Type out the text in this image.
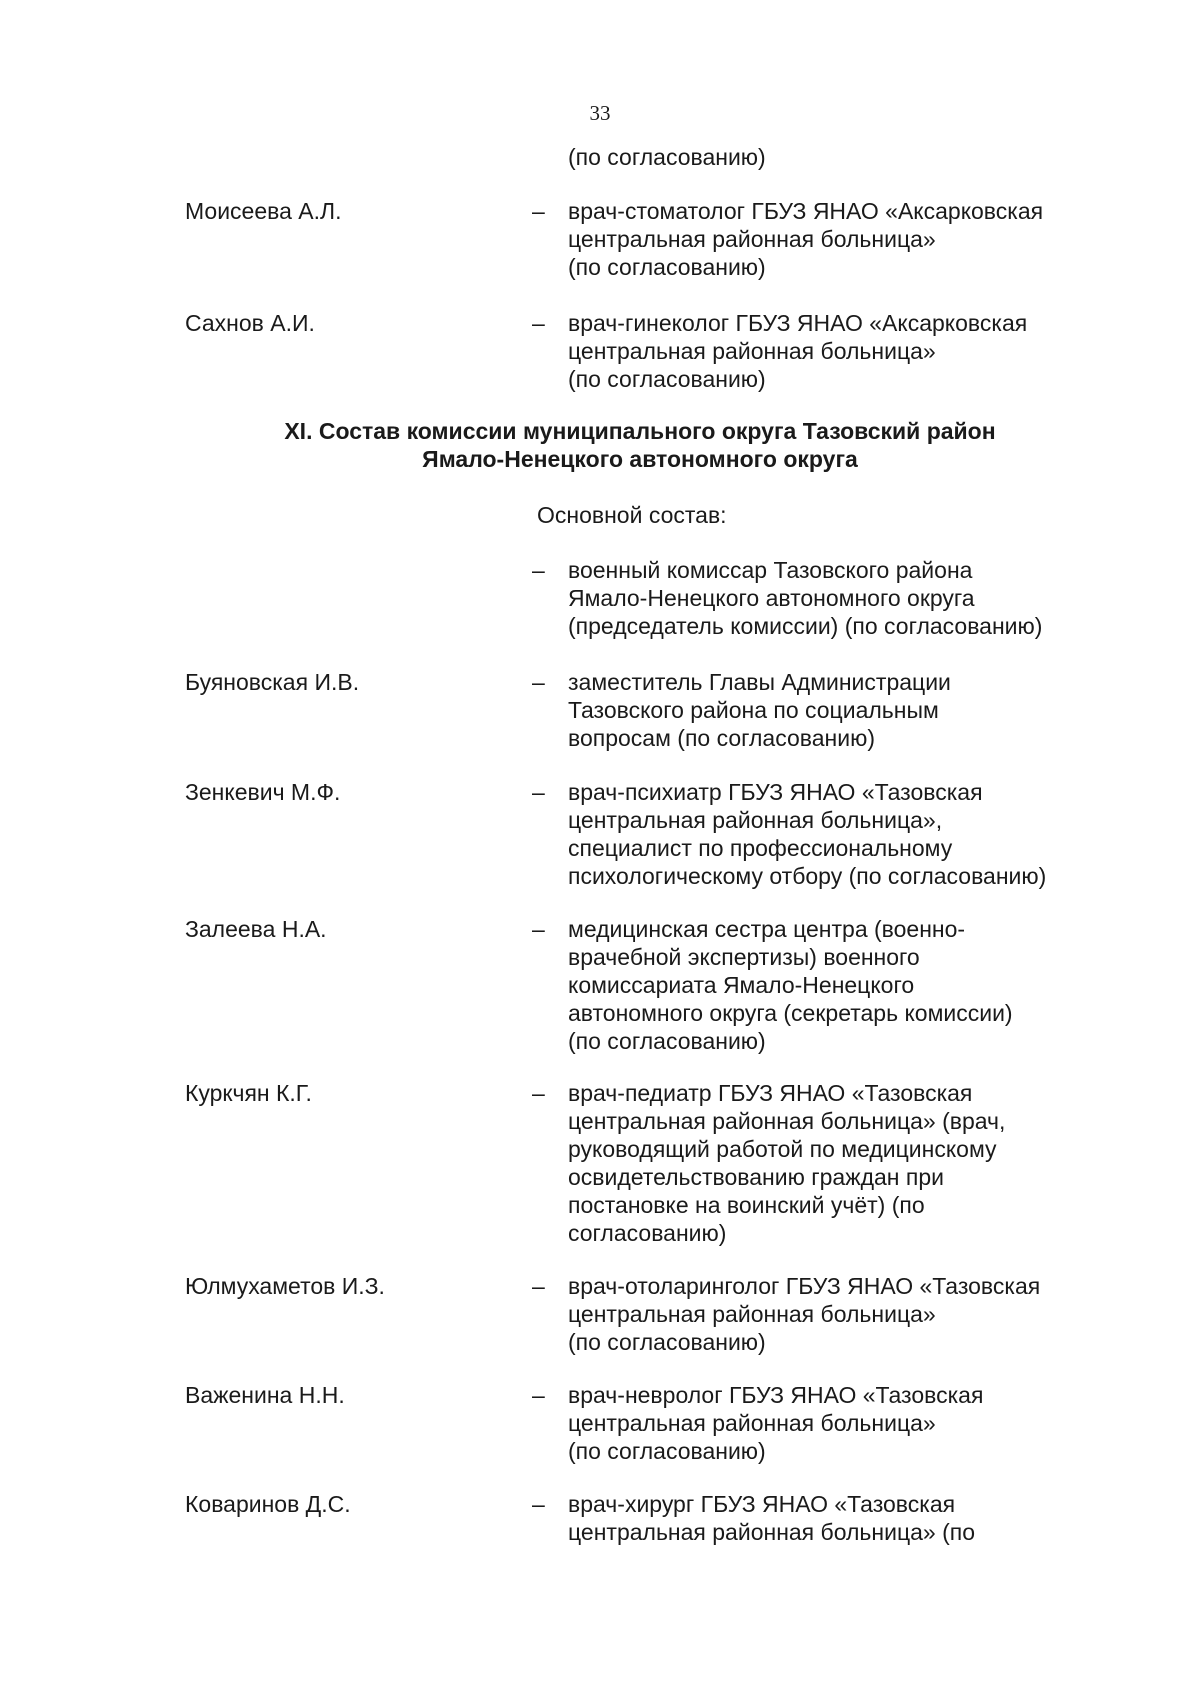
33
(по согласованию)
Моисеева А.Л.	– врач-стоматолог ГБУЗ ЯНАО «Аксарковская
центральная районная больница»
(по согласованию)
Сахнов А.И.	– врач-гинеколог ГБУЗ ЯНАО «Аксарковская
центральная районная больница»
(по согласованию)
XI. Состав комиссии муниципального округа Тазовский район
Ямало-Ненецкого автономного округа
Основной состав:
– военный комиссар Тазовского района
Ямало-Ненецкого автономного округа
(председатель комиссии) (по согласованию)
Буяновская И.В.	– заместитель Главы Администрации
Тазовского района по социальным
вопросам (по согласованию)
Зенкевич М.Ф.	– врач-психиатр ГБУЗ ЯНАО «Тазовская
центральная районная больница»,
специалист по профессиональному
психологическому отбору (по согласованию)
Залеева Н.А.	– медицинская сестра центра (военно-
врачебной экспертизы) военного
комиссариата Ямало-Ненецкого
автономного округа (секретарь комиссии)
(по согласованию)
Куркчян К.Г.	– врач-педиатр ГБУЗ ЯНАО «Тазовская
центральная районная больница» (врач,
руководящий работой по медицинскому
освидетельствованию граждан при
постановке на воинский учёт) (по
согласованию)
Юлмухаметов И.З.	– врач-отоларинголог ГБУЗ ЯНАО «Тазовская
центральная районная больница»
(по согласованию)
Важенина Н.Н.	– врач-невролог ГБУЗ ЯНАО «Тазовская
центральная районная больница»
(по согласованию)
Коваринов Д.С.	– врач-хирург ГБУЗ ЯНАО «Тазовская
центральная районная больница» (по
